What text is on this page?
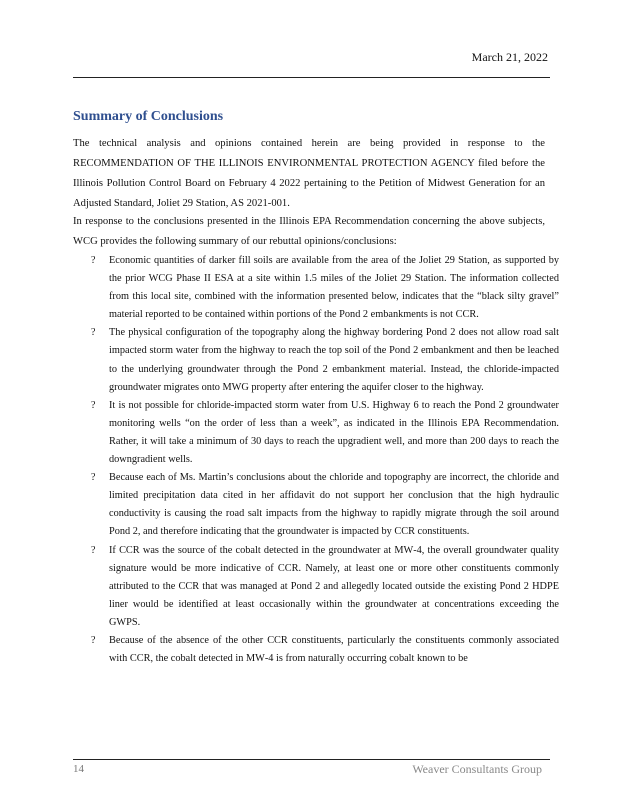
March 21, 2022
Summary of Conclusions
The technical analysis and opinions contained herein are being provided in response to the RECOMMENDATION OF THE ILLINOIS ENVIRONMENTAL PROTECTION AGENCY filed before the Illinois Pollution Control Board on February 4 2022 pertaining to the Petition of Midwest Generation for an Adjusted Standard, Joliet 29 Station, AS 2021‑001.
In response to the conclusions presented in the Illinois EPA Recommendation concerning the above subjects, WCG provides the following summary of our rebuttal opinions/conclusions:
? Economic quantities of darker fill soils are available from the area of the Joliet 29 Station, as supported by the prior WCG Phase II ESA at a site within 1.5 miles of the Joliet 29 Station. The information collected from this local site, combined with the information presented below, indicates that the “black silty gravel” material reported to be contained within portions of the Pond 2 embankments is not CCR.
? The physical configuration of the topography along the highway bordering Pond 2 does not allow road salt impacted storm water from the highway to reach the top soil of the Pond 2 embankment and then be leached to the underlying groundwater through the Pond 2 embankment material. Instead, the chloride‑impacted groundwater migrates onto MWG property after entering the aquifer closer to the highway.
? It is not possible for chloride‑impacted storm water from U.S. Highway 6 to reach the Pond 2 groundwater monitoring wells “on the order of less than a week”, as indicated in the Illinois EPA Recommendation. Rather, it will take a minimum of 30 days to reach the upgradient well, and more than 200 days to reach the downgradient wells.
? Because each of Ms. Martin’s conclusions about the chloride and topography are incorrect, the chloride and limited precipitation data cited in her affidavit do not support her conclusion that the high hydraulic conductivity is causing the road salt impacts from the highway to rapidly migrate through the soil around Pond 2, and therefore indicating that the groundwater is impacted by CCR constituents.
? If CCR was the source of the cobalt detected in the groundwater at MW‑4, the overall groundwater quality signature would be more indicative of CCR. Namely, at least one or more other constituents commonly attributed to the CCR that was managed at Pond 2 and allegedly located outside the existing Pond 2 HDPE liner would be identified at least occasionally within the groundwater at concentrations exceeding the GWPS.
? Because of the absence of the other CCR constituents, particularly the constituents commonly associated with CCR, the cobalt detected in MW‑4 is from naturally occurring cobalt known to be
14	Weaver Consultants Group
